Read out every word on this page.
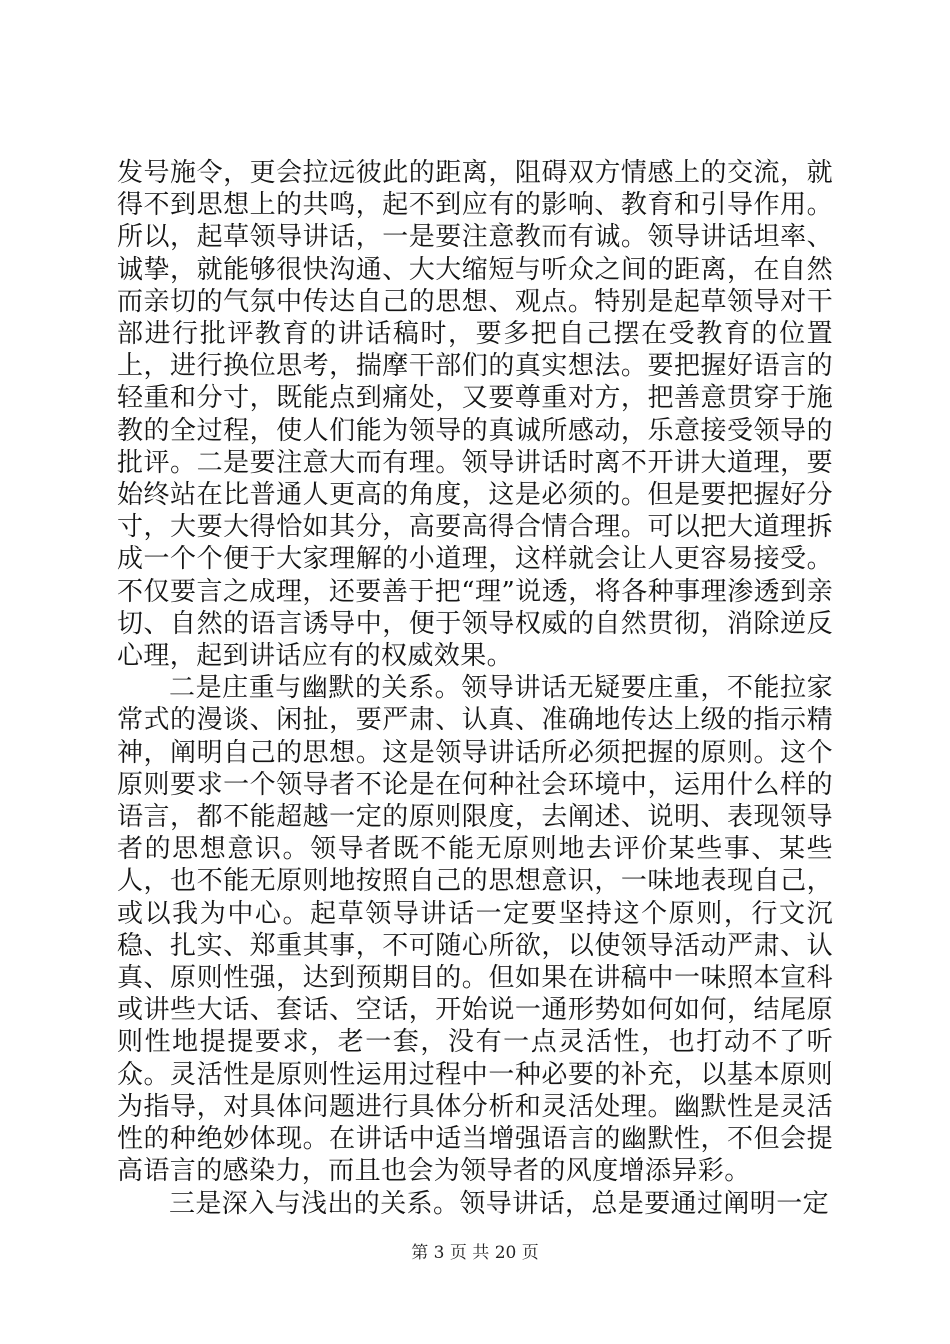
发号施令，更会拉远彼此的距离，阻碍双方情感上的交流，就得不到思想上的共鸣，起不到应有的影响、教育和引导作用。所以，起草领导讲话，一是要注意教而有诚。领导讲话坦率、诚挚，就能够很快沟通、大大缩短与听众之间的距离，在自然而亲切的气氛中传达自己的思想、观点。特别是起草领导对干部进行批评教育的讲话稿时，要多把自己摆在受教育的位置上，进行换位思考，揣摩干部们的真实想法。要把握好语言的轻重和分寸，既能点到痛处，又要尊重对方，把善意贯穿于施教的全过程，使人们能为领导的真诚所感动，乐意接受领导的批评。二是要注意大而有理。领导讲话时离不开讲大道理，要始终站在比普通人更高的角度，这是必须的。但是要把握好分寸，大要大得恰如其分，高要高得合情合理。可以把大道理拆成一个个便于大家理解的小道理，这样就会让人更容易接受。不仅要言之成理，还要善于把“理”说透，将各种事理渗透到亲切、自然的语言诱导中，便于领导权威的自然贯彻，消除逆反心理，起到讲话应有的权威效果。

二是庄重与幽默的关系。领导讲话无疑要庄重，不能拉家常式的漫谈、闲扯，要严肃、认真、准确地传达上级的指示精神，阐明自己的思想。这是领导讲话所必须把握的原则。这个原则要求一个领导者不论是在何种社会环境中，运用什么样的语言，都不能超越一定的原则限度，去阐述、说明、表现领导者的思想意识。领导者既不能无原则地去评价某些事、某些人，也不能无原则地按照自己的思想意识，一味地表现自己，或以我为中心。起草领导讲话一定要坚持这个原则，行文沉稳、扎实、郑重其事，不可随心所欲，以使领导活动严肃、认真、原则性强，达到预期目的。但如果在讲稿中一味照本宣科或讲些大话、套话、空话，开始说一通形势如何如何，结尾原则性地提提要求，老一套，没有一点灵活性，也打动不了听众。灵活性是原则性运用过程中一种必要的补充，以基本原则为指导，对具体问题进行具体分析和灵活处理。幽默性是灵活性的种绝妙体现。在讲话中适当增强语言的幽默性，不但会提高语言的感染力，而且也会为领导者的风度增添异彩。

三是深入与浅出的关系。领导讲话，总是要通过阐明一定

第 3 页 共 20 页
